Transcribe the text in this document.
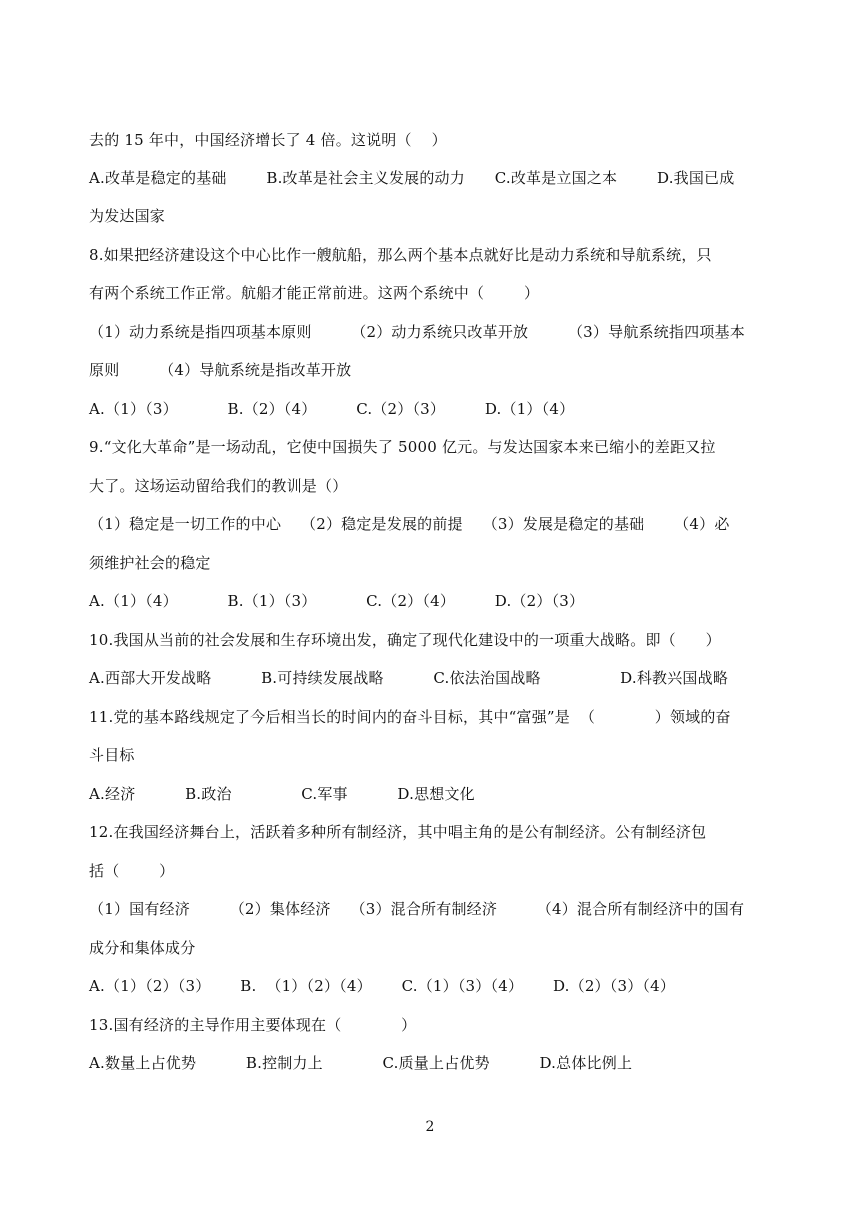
去的 15 年中，中国经济增长了 4 倍。这说明（    ）
A.改革是稳定的基础        B.改革是社会主义发展的动力      C.改革是立国之本        D.我国已成
为发达国家
8.如果把经济建设这个中心比作一艘航船，那么两个基本点就好比是动力系统和导航系统，只
有两个系统工作正常。航船才能正常前进。这两个系统中（        ）
（1）动力系统是指四项基本原则        （2）动力系统只改革开放        （3）导航系统指四项基本
原则        （4）导航系统是指改革开放
A.（1）（3）          B.（2）（4）        C.（2）（3）        D.（1）（4）
9.“文化大革命”是一场动乱，它使中国损失了 5000 亿元。与发达国家本来已缩小的差距又拉
大了。这场运动留给我们的教训是（）
（1）稳定是一切工作的中心    （2）稳定是发展的前提    （3）发展是稳定的基础      （4）必
须维护社会的稳定
A.（1）（4）          B.（1）（3）          C.（2）（4）        D.（2）（3）
10.我国从当前的社会发展和生存环境出发，确定了现代化建设中的一项重大战略。即（      ）
A.西部大开发战略          B.可持续发展战略          C.依法治国战略                D.科教兴国战略
11.党的基本路线规定了今后相当长的时间内的奋斗目标，其中“富强”是  （            ）领域的奋
斗目标
A.经济          B.政治              C.军事          D.思想文化
12.在我国经济舞台上，活跃着多种所有制经济，其中唱主角的是公有制经济。公有制经济包
括（        ）
（1）国有经济        （2）集体经济    （3）混合所有制经济        （4）混合所有制经济中的国有
成分和集体成分
A.（1）（2）（3）      B.  （1）（2）（4）      C.（1）（3）（4）      D.（2）（3）（4）
13.国有经济的主导作用主要体现在（            ）
A.数量上占优势          B.控制力上            C.质量上占优势          D.总体比例上
2
